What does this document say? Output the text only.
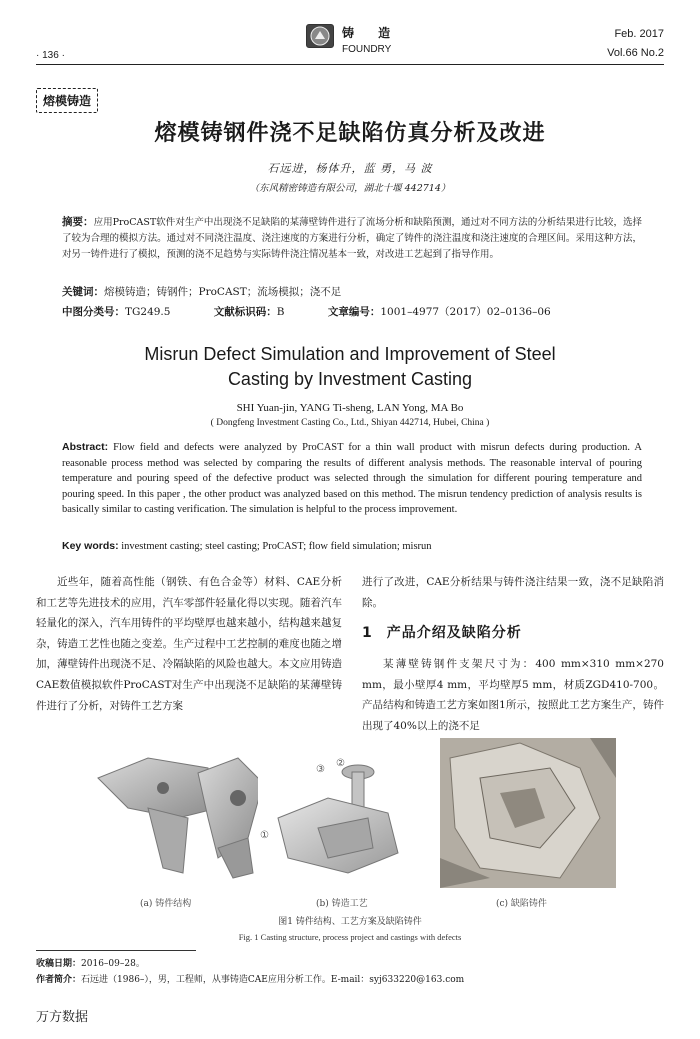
· 136 ·
铸 造
FOUNDRY
Feb. 2017
Vol.66 No.2
熔模铸造
熔模铸钢件浇不足缺陷仿真分析及改进
石远进，杨体升，蓝 勇，马 波
（东风精密铸造有限公司，湖北十堰 442714）
摘要：应用ProCAST软件对生产中出现浇不足缺陷的某薄壁铸件进行了流场分析和缺陷预测，通过对不同方法的分析结果进行比较，选择了较为合理的模拟方法。通过对不同浇注温度、浇注速度的方案进行分析，确定了铸件的浇注温度和浇注速度的合理区间。采用这种方法，对另一铸件进行了模拟，预测的浇不足趋势与实际铸件浇注情况基本一致，对改进工艺起到了指导作用。
关键词：熔模铸造；铸钢件；ProCAST；流场模拟；浇不足
中图分类号：TG249.5	文献标识码：B	文章编号：1001–4977（2017）02–0136–06
Misrun Defect Simulation and Improvement of Steel
Casting by Investment Casting
SHI Yuan-jin, YANG Ti-sheng, LAN Yong, MA Bo
( Dongfeng Investment Casting Co., Ltd., Shiyan 442714, Hubei, China )
Abstract: Flow field and defects were analyzed by ProCAST for a thin wall product with misrun defects during production. A reasonable process method was selected by comparing the results of different analysis methods. The reasonable interval of pouring temperature and pouring speed of the defective product was selected through the simulation for different pouring temperature and pouring speed. In this paper , the other product was analyzed based on this method. The misrun tendency prediction of analysis results is basically similar to casting verification. The simulation is helpful to the process improvement.
Key words: investment casting; steel casting; ProCAST; flow field simulation; misrun

近些年，随着高性能（钢铁、有色合金等）材料、CAE分析和工艺等先进技术的应用，汽车零部件轻量化得以实现。随着汽车轻量化的深入，汽车用铸件的平均壁厚也越来越小，结构越来越复杂，铸造工艺性也随之变差。生产过程中工艺控制的难度也随之增加，薄壁铸件出现浇不足、冷隔缺陷的风险也越大。本文应用铸造CAE数值模拟软件ProCAST对生产中出现浇不足缺陷的某薄壁铸件进行了分析，对铸件工艺方案

进行了改进，CAE分析结果与铸件浇注结果一致，浇不足缺陷消除。

1 产品介绍及缺陷分析

某薄壁铸钢件支架尺寸为：400 mm×310 mm×270 mm，最小壁厚4 mm，平均壁厚5 mm，材质ZGD410-700。产品结构和铸造工艺方案如图1所示，按照此工艺方案生产，铸件出现了40%以上的浇不足

③
②
①
(a) 铸件结构	(b) 铸造工艺	(c) 缺陷铸件
图1 铸件结构、工艺方案及缺陷铸件
Fig. 1 Casting structure, process project and castings with defects
收稿日期：2016–09–28。
作者简介：石远进（1986–），男，工程师，从事铸造CAE应用分析工作。E-mail：syj633220@163.com
万方数据
